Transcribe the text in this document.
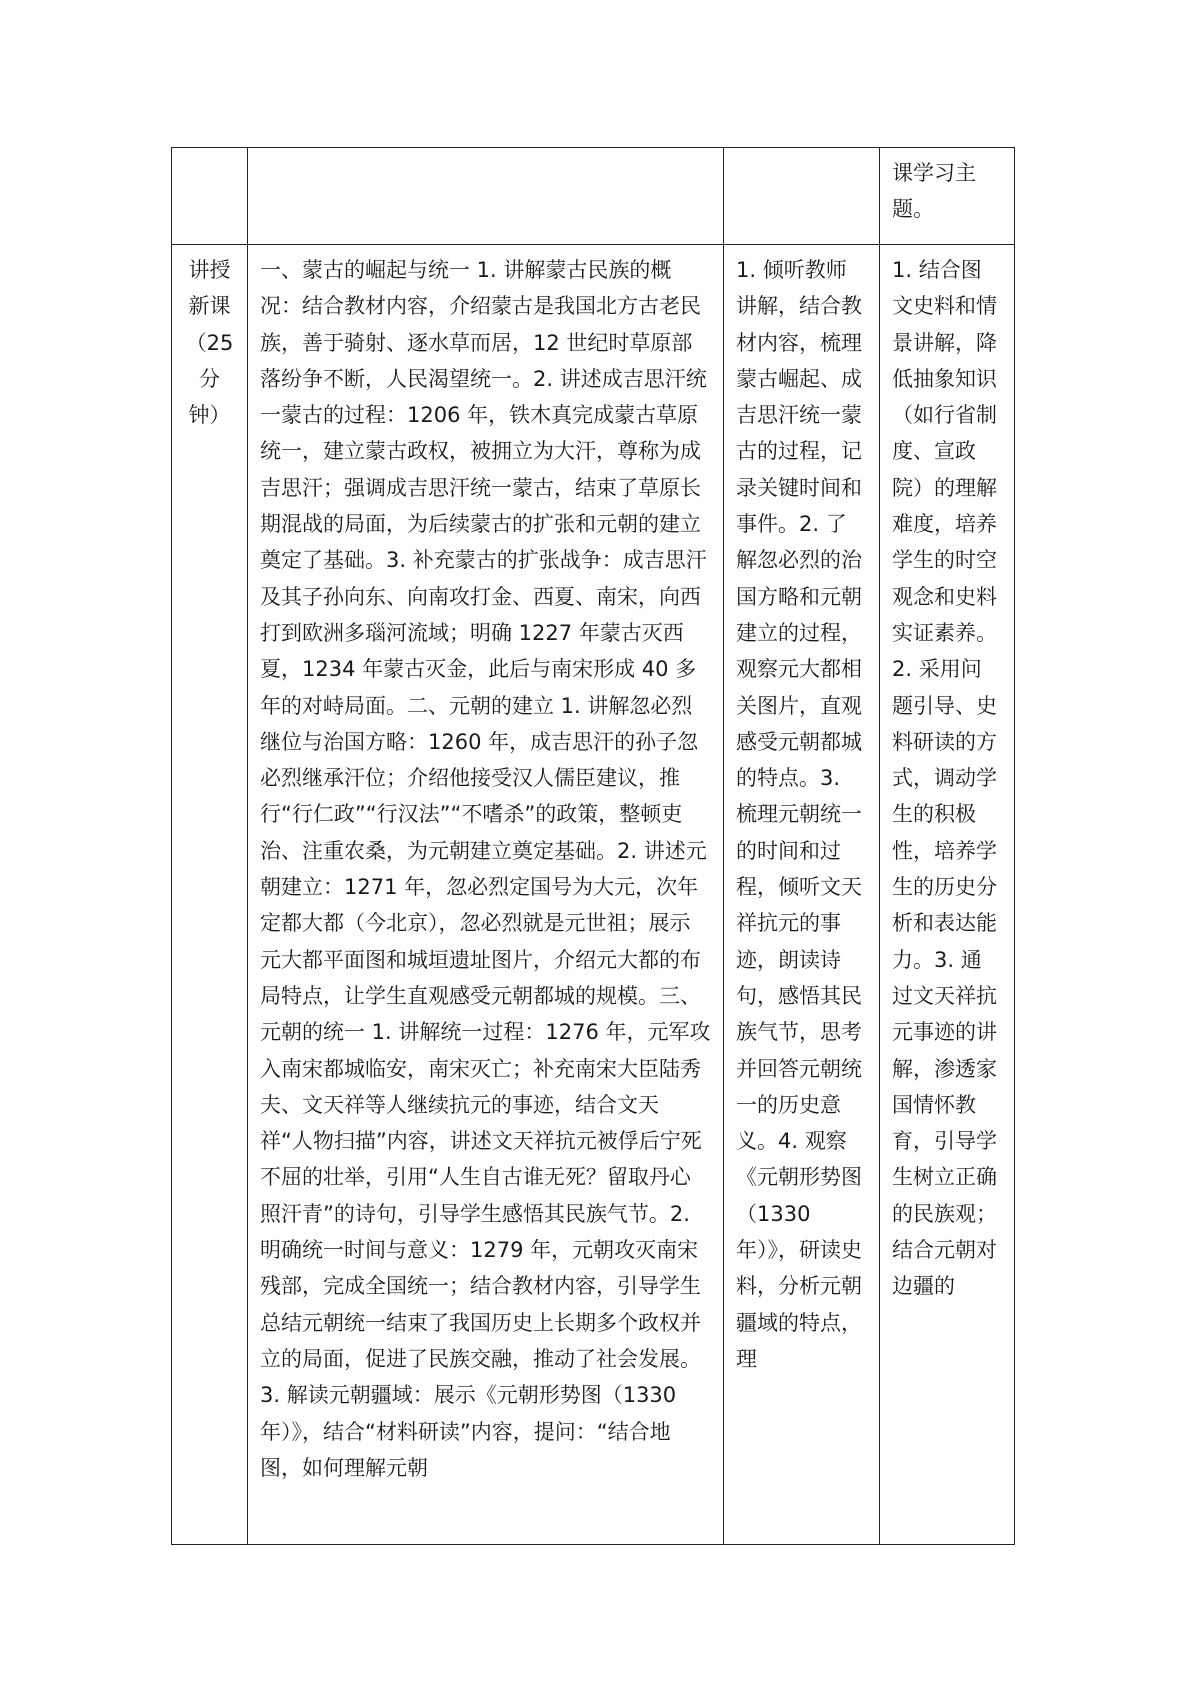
			课学习主题。

讲授新课（25分钟）	一、蒙古的崛起与统一 1. 讲解蒙古民族的概况：结合教材内容，介绍蒙古是我国北方古老民族，善于骑射、逐水草而居，12 世纪时草原部落纷争不断，人民渴望统一。2. 讲述成吉思汗统一蒙古的过程：1206 年，铁木真完成蒙古草原统一，建立蒙古政权，被拥立为大汗，尊称为成吉思汗；强调成吉思汗统一蒙古，结束了草原长期混战的局面，为后续蒙古的扩张和元朝的建立奠定了基础。3. 补充蒙古的扩张战争：成吉思汗及其子孙向东、向南攻打金、西夏、南宋，向西打到欧洲多瑙河流域；明确 1227 年蒙古灭西夏，1234 年蒙古灭金，此后与南宋形成 40 多年的对峙局面。二、元朝的建立 1. 讲解忽必烈继位与治国方略：1260 年，成吉思汗的孙子忽必烈继承汗位；介绍他接受汉人儒臣建议，推行“行仁政”“行汉法”“不嗜杀”的政策，整顿吏治、注重农桑，为元朝建立奠定基础。2. 讲述元朝建立：1271 年，忽必烈定国号为大元，次年定都大都（今北京），忽必烈就是元世祖；展示元大都平面图和城垣遗址图片，介绍元大都的布局特点，让学生直观感受元朝都城的规模。三、元朝的统一 1. 讲解统一过程：1276 年，元军攻入南宋都城临安，南宋灭亡；补充南宋大臣陆秀夫、文天祥等人继续抗元的事迹，结合文天祥“人物扫描”内容，讲述文天祥抗元被俘后宁死不屈的壮举，引用“人生自古谁无死？留取丹心照汗青”的诗句，引导学生感悟其民族气节。2. 明确统一时间与意义：1279 年，元朝攻灭南宋残部，完成全国统一；结合教材内容，引导学生总结元朝统一结束了我国历史上长期多个政权并立的局面，促进了民族交融，推动了社会发展。3. 解读元朝疆域：展示《元朝形势图（1330 年）》，结合“材料研读”内容，提问：“结合地图，如何理解元朝	1. 倾听教师讲解，结合教材内容，梳理蒙古崛起、成吉思汗统一蒙古的过程，记录关键时间和事件。2. 了解忽必烈的治国方略和元朝建立的过程，观察元大都相关图片，直观感受元朝都城的特点。3. 梳理元朝统一的时间和过程，倾听文天祥抗元的事迹，朗读诗句，感悟其民族气节，思考并回答元朝统一的历史意义。4. 观察《元朝形势图（1330 年）》，研读史料，分析元朝疆域的特点，理	1. 结合图文史料和情景讲解，降低抽象知识（如行省制度、宣政院）的理解难度，培养学生的时空观念和史料实证素养。2. 采用问题引导、史料研读的方式，调动学生的积极性，培养学生的历史分析和表达能力。3. 通过文天祥抗元事迹的讲解，渗透家国情怀教育，引导学生树立正确的民族观；结合元朝对边疆的
